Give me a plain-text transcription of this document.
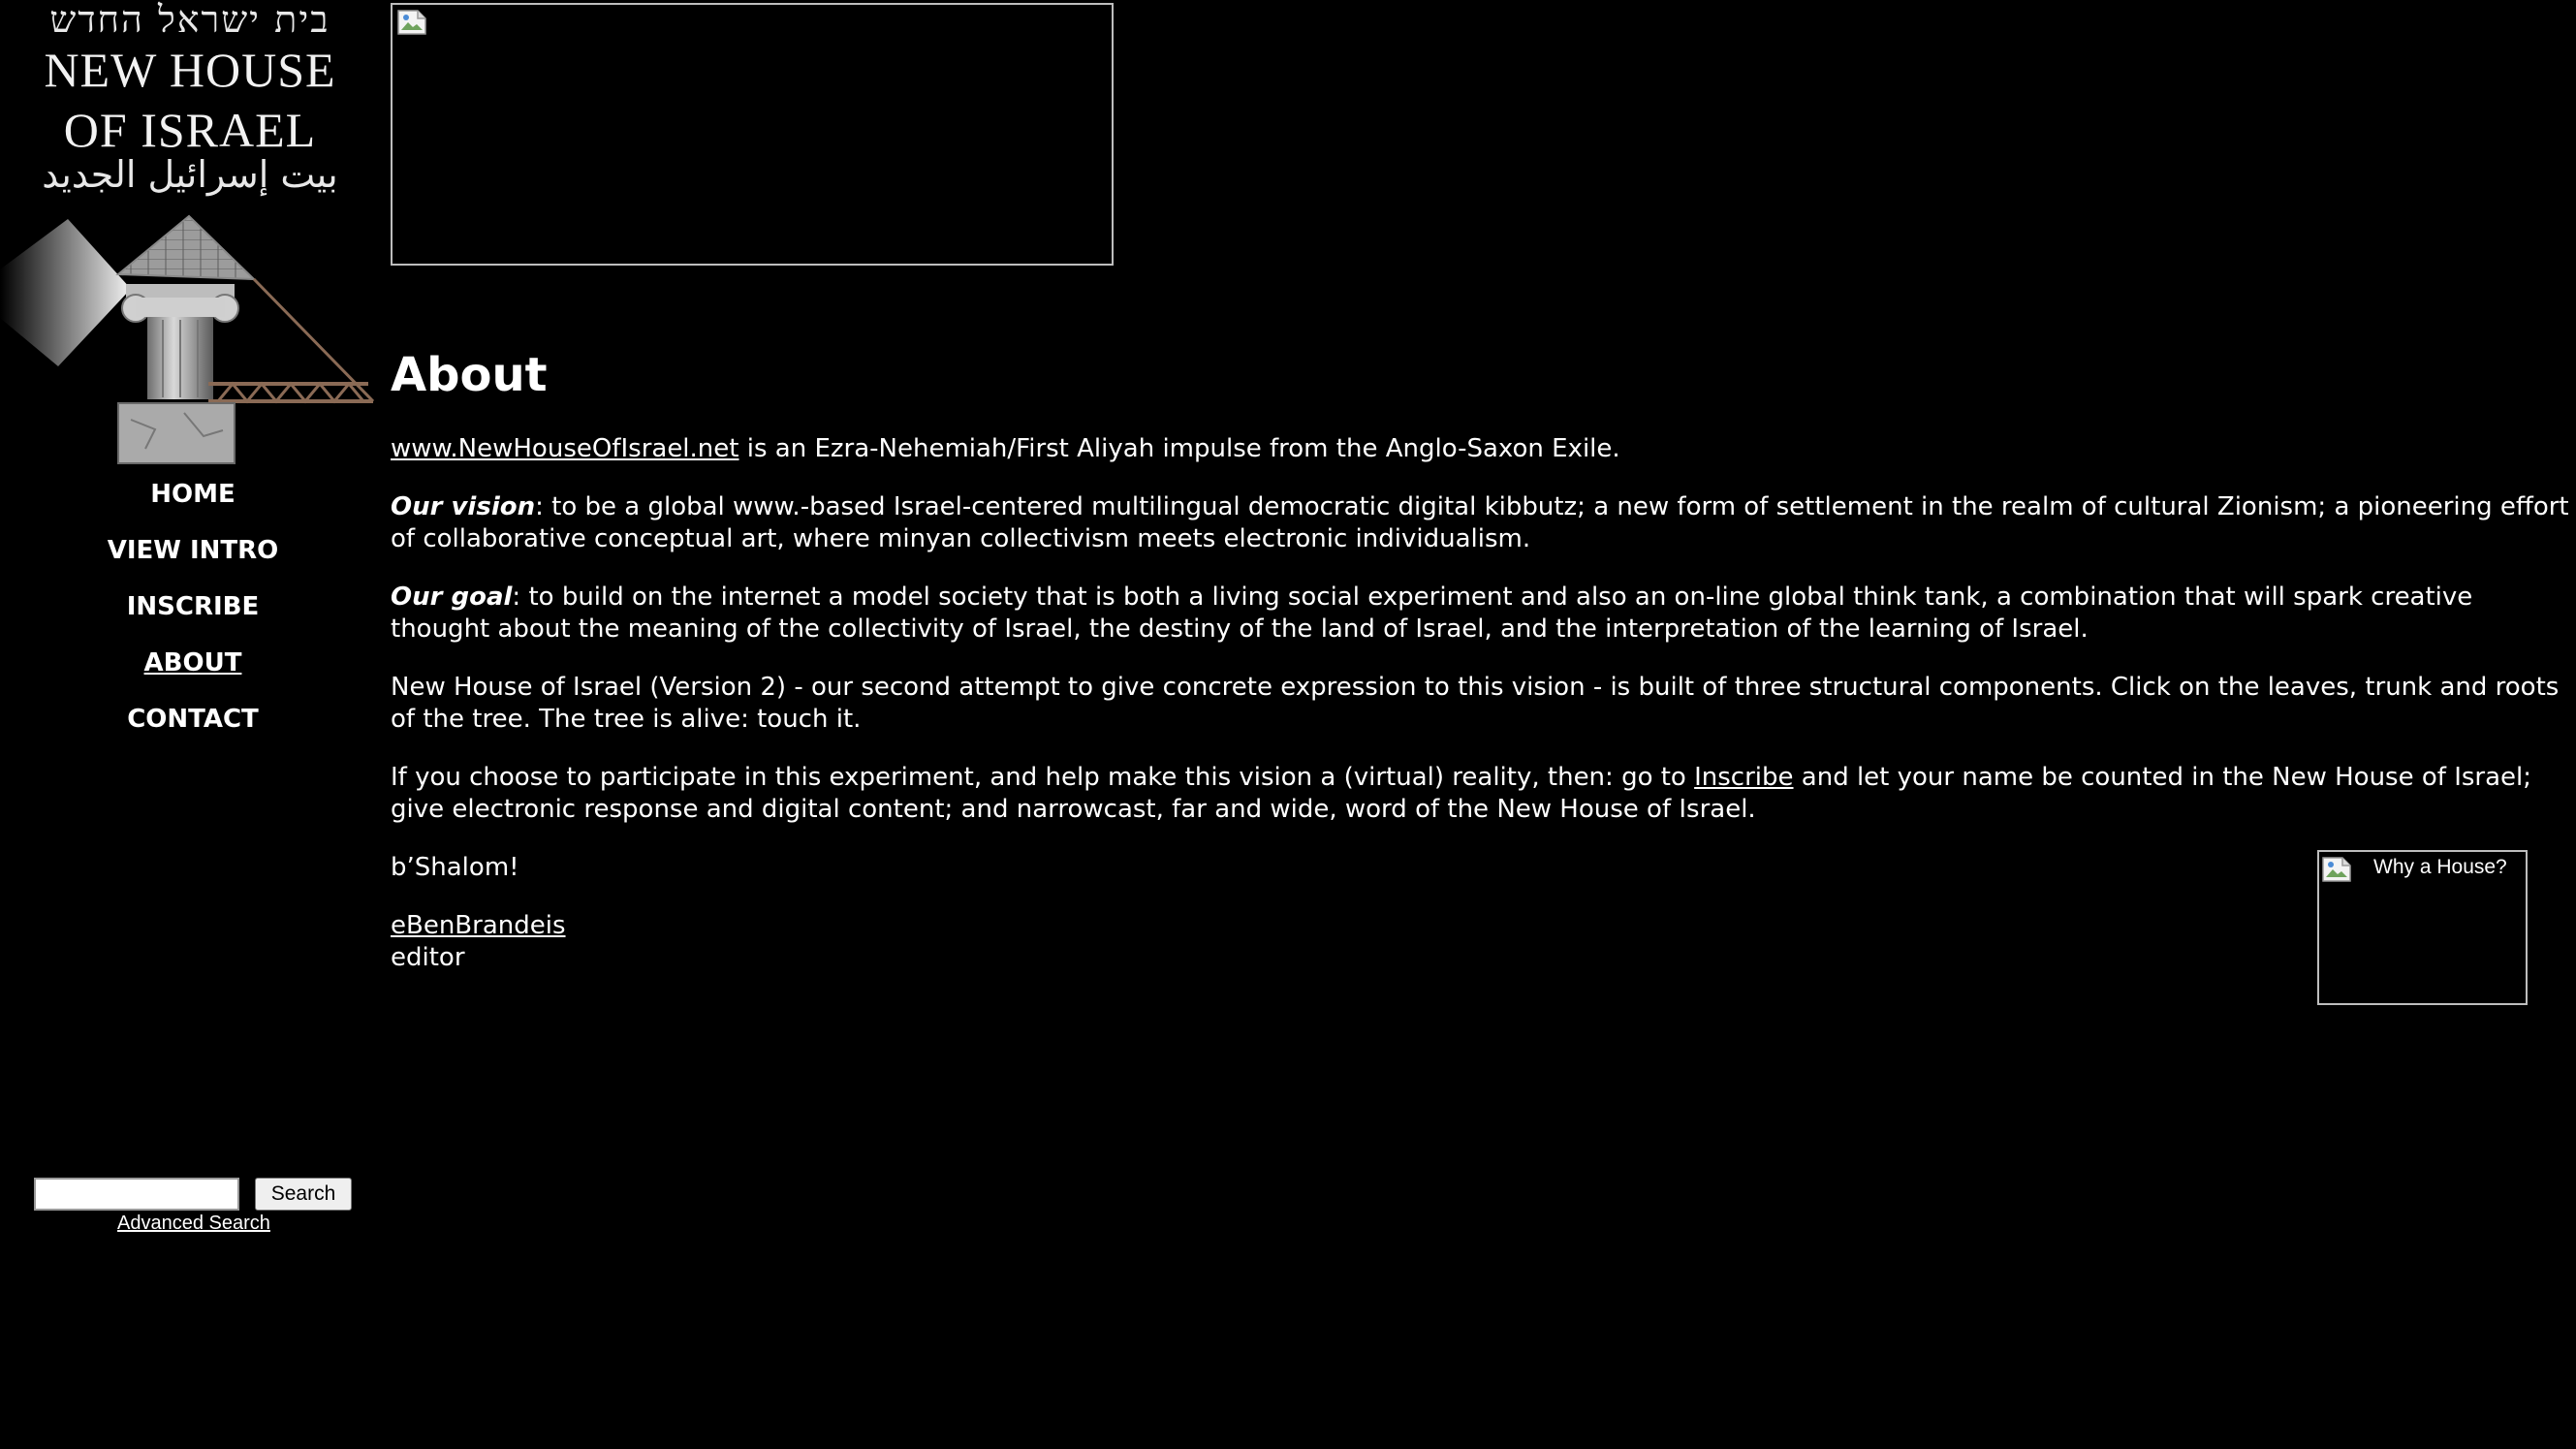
בית ישראל החדש
NEW HOUSE
OF ISRAEL
بيت إسرائيل الجديد
HOME
VIEW INTRO
INSCRIBE
ABOUT
CONTACT
Search
Advanced Search
About

www.NewHouseOfIsrael.net is an Ezra-Nehemiah/First Aliyah impulse from the Anglo-Saxon Exile.

Our vision: to be a global www.-based Israel-centered multilingual democratic digital kibbutz; a new form of settlement in the realm of cultural Zionism; a pioneering effort of collaborative conceptual art, where minyan collectivism meets electronic individualism.

Our goal: to build on the internet a model society that is both a living social experiment and also an on-line global think tank, a combination that will spark creative thought about the meaning of the collectivity of Israel, the destiny of the land of Israel, and the interpretation of the learning of Israel.

New House of Israel (Version 2) - our second attempt to give concrete expression to this vision - is built of three structural components. Click on the leaves, trunk and roots of the tree. The tree is alive: touch it.

If you choose to participate in this experiment, and help make this vision a (virtual) reality, then: go to Inscribe and let your name be counted in the New House of Israel; give electronic response and digital content; and narrowcast, far and wide, word of the New House of Israel.

b’Shalom!

eBenBrandeis
editor

Why a House?
